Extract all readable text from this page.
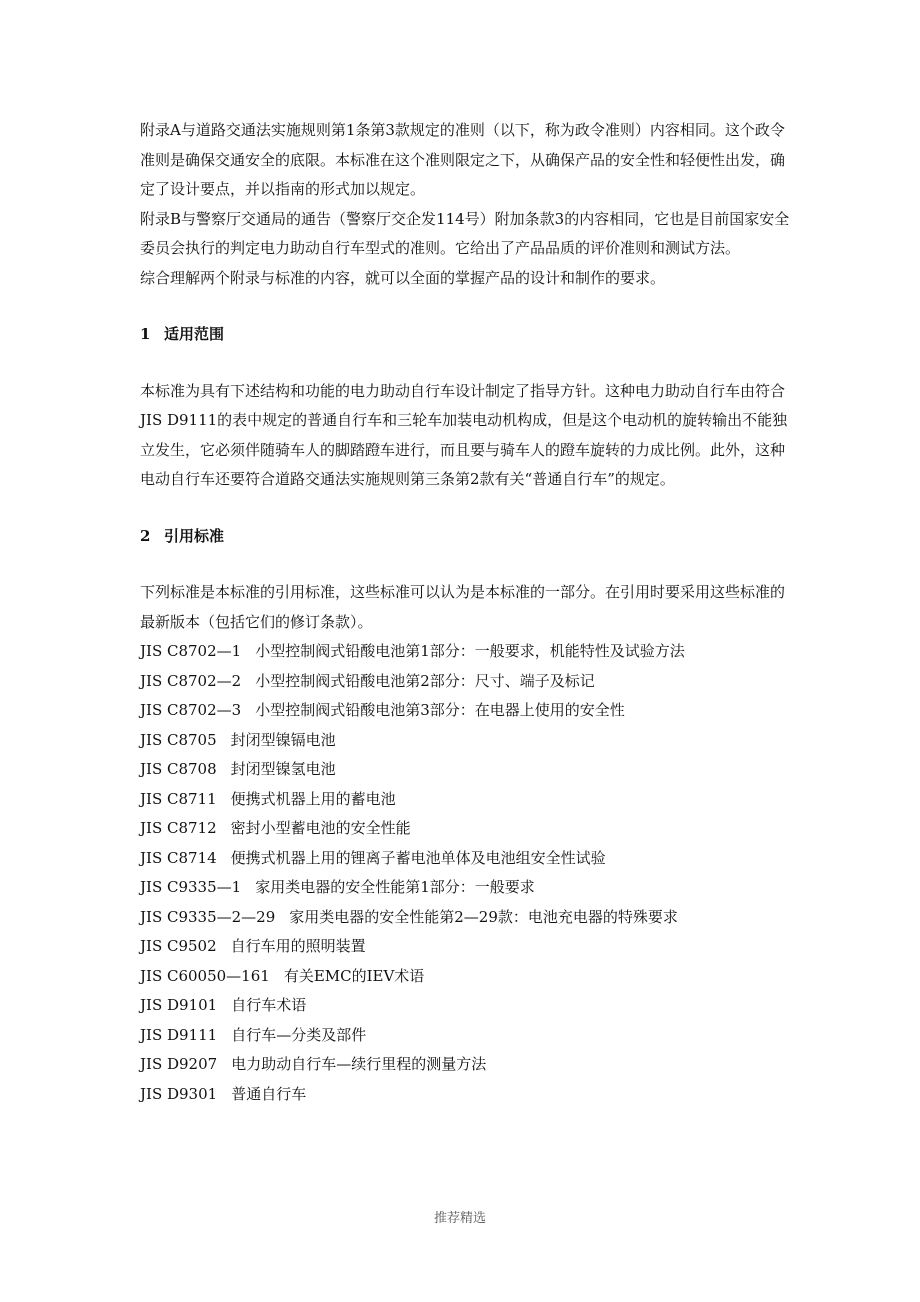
附录A与道路交通法实施规则第1条第3款规定的准则（以下，称为政令准则）内容相同。这个政令准则是确保交通安全的底限。本标准在这个准则限定之下，从确保产品的安全性和轻便性出发，确定了设计要点，并以指南的形式加以规定。

附录B与警察厅交通局的通告（警察厅交企发114号）附加条款3的内容相同，它也是目前国家安全委员会执行的判定电力助动自行车型式的准则。它给出了产品品质的评价准则和测试方法。

综合理解两个附录与标准的内容，就可以全面的掌握产品的设计和制作的要求。

1 适用范围

本标准为具有下述结构和功能的电力助动自行车设计制定了指导方针。这种电力助动自行车由符合JIS D9111的表中规定的普通自行车和三轮车加装电动机构成，但是这个电动机的旋转输出不能独立发生，它必须伴随骑车人的脚踏蹬车进行，而且要与骑车人的蹬车旋转的力成比例。此外，这种电动自行车还要符合道路交通法实施规则第三条第2款有关“普通自行车”的规定。

2 引用标准

下列标准是本标准的引用标准，这些标准可以认为是本标准的一部分。在引用时要采用这些标准的最新版本（包括它们的修订条款）。

JIS C8702—1 小型控制阀式铅酸电池第1部分：一般要求，机能特性及试验方法
JIS C8702—2 小型控制阀式铅酸电池第2部分：尺寸、端子及标记
JIS C8702—3 小型控制阀式铅酸电池第3部分：在电器上使用的安全性
JIS C8705 封闭型镍镉电池
JIS C8708 封闭型镍氢电池
JIS C8711 便携式机器上用的蓄电池
JIS C8712 密封小型蓄电池的安全性能
JIS C8714 便携式机器上用的锂离子蓄电池单体及电池组安全性试验
JIS C9335—1 家用类电器的安全性能第1部分：一般要求
JIS C9335—2—29 家用类电器的安全性能第2—29款：电池充电器的特殊要求
JIS C9502 自行车用的照明装置
JIS C60050—161 有关EMC的IEV术语
JIS D9101 自行车术语
JIS D9111 自行车—分类及部件
JIS D9207 电力助动自行车—续行里程的测量方法
JIS D9301 普通自行车
推荐精选
